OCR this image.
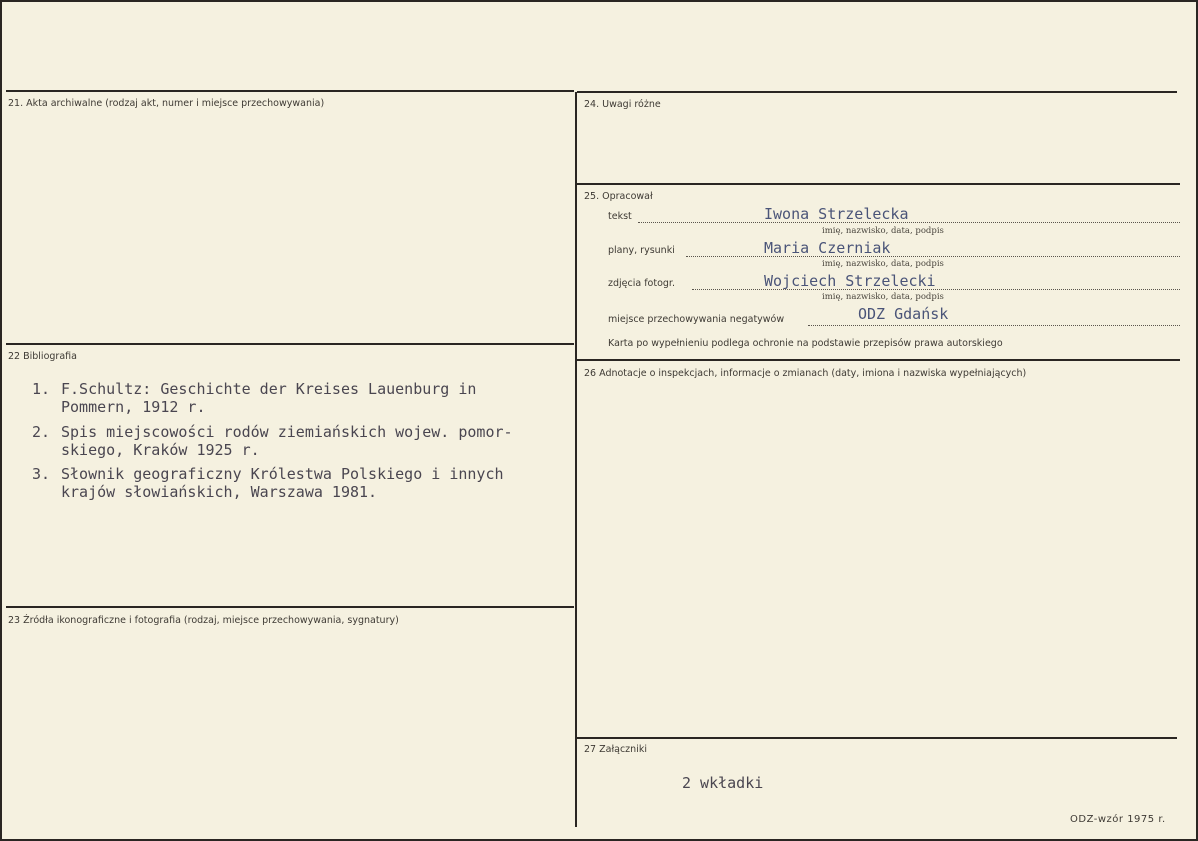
21. Akta archiwalne (rodzaj akt, numer i miejsce przechowywania)
22 Bibliografia
1. F.Schultz: Geschichte der Kreises Lauenburg in
Pommern, 1912 r.
2. Spis miejscowości rodów ziemiańskich wojew. pomor-
skiego, Kraków 1925 r.
3. Słownik geograficzny Królestwa Polskiego i innych
krajów słowiańskich, Warszawa 1981.
23 Źródła ikonograficzne i fotografia (rodzaj, miejsce przechowywania, sygnatury)
24. Uwagi różne
25. Opracował
tekst	Iwona Strzelecka
imię, nazwisko, data, podpis
plany, rysunki	Maria Czerniak
imię, nazwisko, data, podpis
zdjęcia fotogr.	Wojciech Strzelecki
imię, nazwisko, data, podpis
miejsce przechowywania negatywów	ODZ Gdańsk
Karta po wypełnieniu podlega ochronie na podstawie przepisów prawa autorskiego
26 Adnotacje o inspekcjach, informacje o zmianach (daty, imiona i nazwiska wypełniających)
27 Załączniki
2 wkładki
ODZ-wzór 1975 r.
